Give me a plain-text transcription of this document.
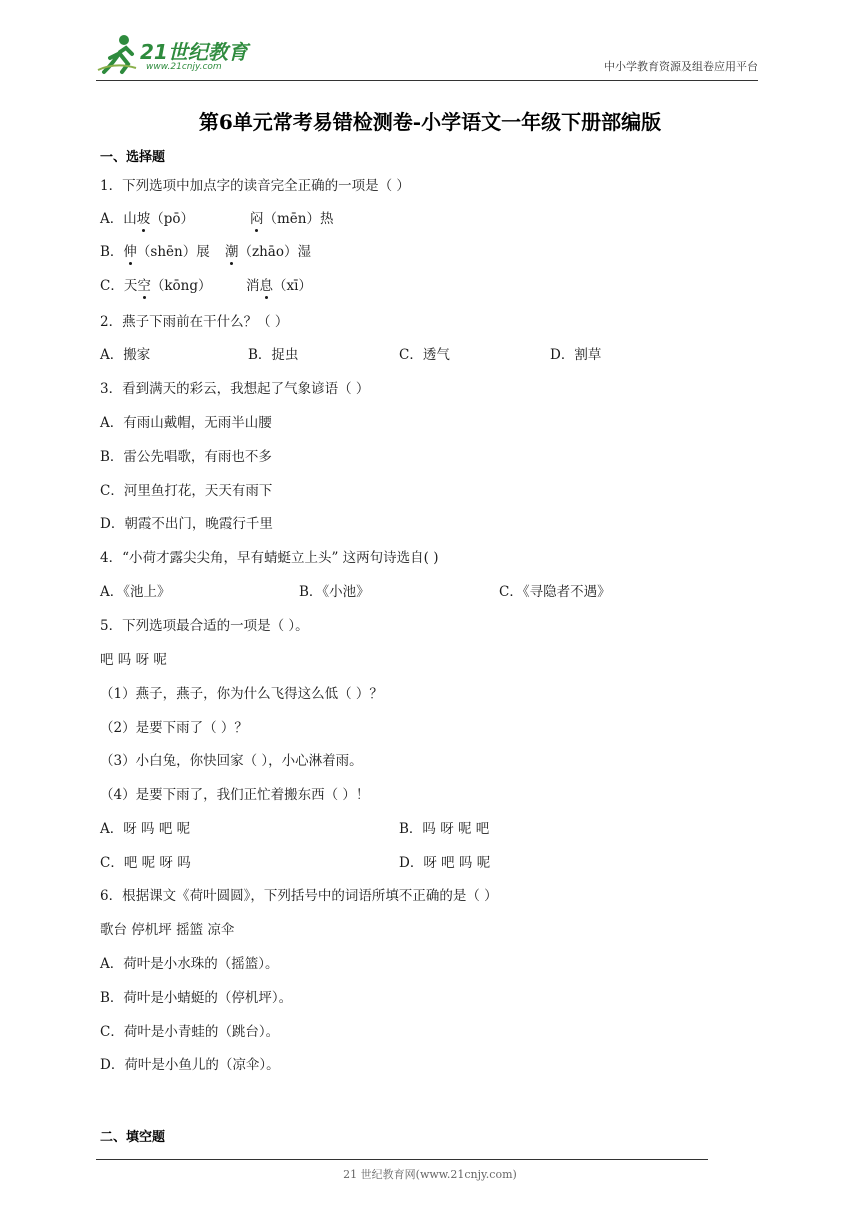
21世纪教育
www.21cnjy.com	中小学教育资源及组卷应用平台
第6单元常考易错检测卷-小学语文一年级下册部编版
一、选择题
1．下列选项中加点字的读音完全正确的一项是（ ）
A．山坡（pō）	闷（mēn）热
B．伸（shēn）展 潮（zhāo）湿
C．天空（kōng）	消息（xī）
2．燕子下雨前在干什么？（ ）
A．搬家	B．捉虫	C．透气	D．割草
3．看到满天的彩云，我想起了气象谚语（ ）
A．有雨山戴帽，无雨半山腰
B．雷公先唱歌，有雨也不多
C．河里鱼打花，天天有雨下
D．朝霞不出门，晚霞行千里
4．“小荷才露尖尖角，早有蜻蜓立上头” 这两句诗选自( )
A．《池上》	B．《小池》	C．《寻隐者不遇》
5．下列选项最合适的一项是（ ）。
吧 吗 呀 呢
（1）燕子，燕子，你为什么飞得这么低（ ）？
（2）是要下雨了（ ）？
（3）小白兔，你快回家（ ），小心淋着雨。
（4）是要下雨了，我们正忙着搬东西（ ）！
A．呀 吗 吧 呢	B．吗 呀 呢 吧
C．吧 呢 呀 吗	D．呀 吧 吗 呢
6．根据课文《荷叶圆圆》，下列括号中的词语所填不正确的是（ ）
歌台 停机坪 摇篮 凉伞
A．荷叶是小水珠的（摇篮）。
B．荷叶是小蜻蜓的（停机坪）。
C．荷叶是小青蛙的（跳台）。
D．荷叶是小鱼儿的（凉伞）。
二、填空题
21 世纪教育网(www.21cnjy.com)
